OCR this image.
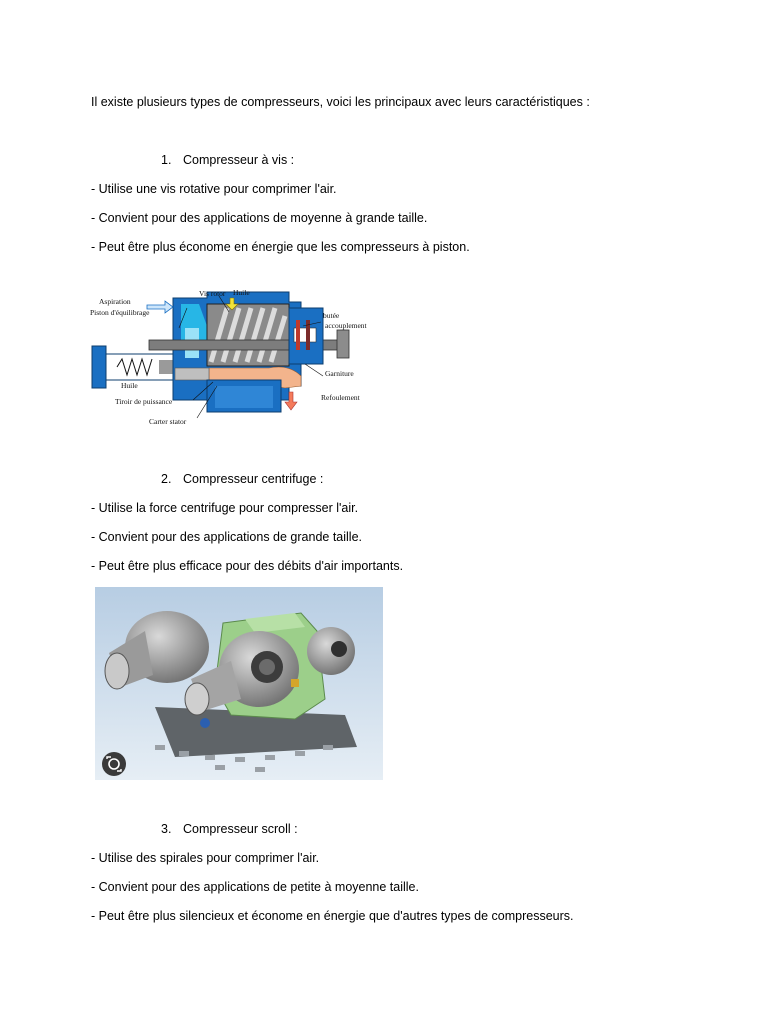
Il existe plusieurs types de compresseurs, voici les principaux avec leurs caractéristiques :
1. Compresseur à vis :
- Utilise une vis rotative pour comprimer l'air.
- Convient pour des applications de moyenne à grande taille.
- Peut être plus économe en énergie que les compresseurs à piston.
Aspiration
Piston d'équilibrage
Vis rotor Huile
butée
accouplement
Garniture
Huile
Tiroir de puissance	Refoulement
Carter stator
2. Compresseur centrifuge :
- Utilise la force centrifuge pour compresser l'air.
- Convient pour des applications de grande taille.
- Peut être plus efficace pour des débits d'air importants.
3. Compresseur scroll :
- Utilise des spirales pour comprimer l'air.
- Convient pour des applications de petite à moyenne taille.
- Peut être plus silencieux et économe en énergie que d'autres types de compresseurs.
